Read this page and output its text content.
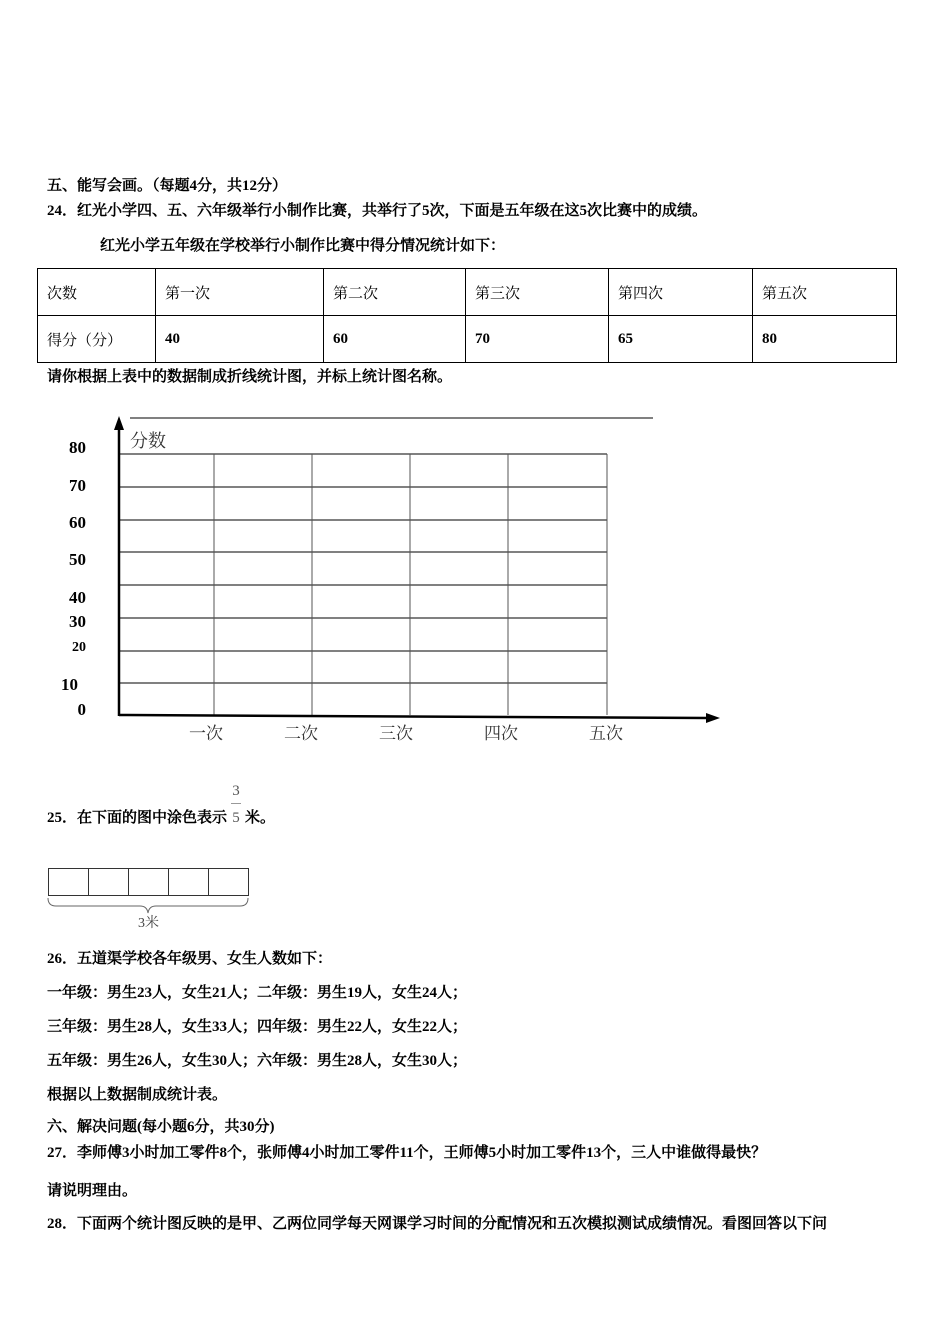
五、能写会画。（每题4分，共12分）
24．红光小学四、五、六年级举行小制作比赛，共举行了5次，下面是五年级在这5次比赛中的成绩。
红光小学五年级在学校举行小制作比赛中得分情况统计如下：
次数	第一次	第二次	第三次	第四次	第五次
得分（分）	40	60	70	65	80
请你根据上表中的数据制成折线统计图，并标上统计图名称。
分数
80
70
60
50
40
30
20
10
0
一次	二次	三次	四次	五次
25．在下面的图中涂色表示 $\frac{3}{5}$ 米。
3米
26．五道渠学校各年级男、女生人数如下：
一年级：男生23人，女生21人；二年级：男生19人，女生24人；
三年级：男生28人，女生33人；四年级：男生22人，女生22人；
五年级：男生26人，女生30人；六年级：男生28人，女生30人；
根据以上数据制成统计表。
六、解决问题(每小题6分，共30分)
27．李师傅3小时加工零件8个，张师傅4小时加工零件11个，王师傅5小时加工零件13个，三人中谁做得最快？
请说明理由。
28．下面两个统计图反映的是甲、乙两位同学每天网课学习时间的分配情况和五次模拟测试成绩情况。看图回答以下问
